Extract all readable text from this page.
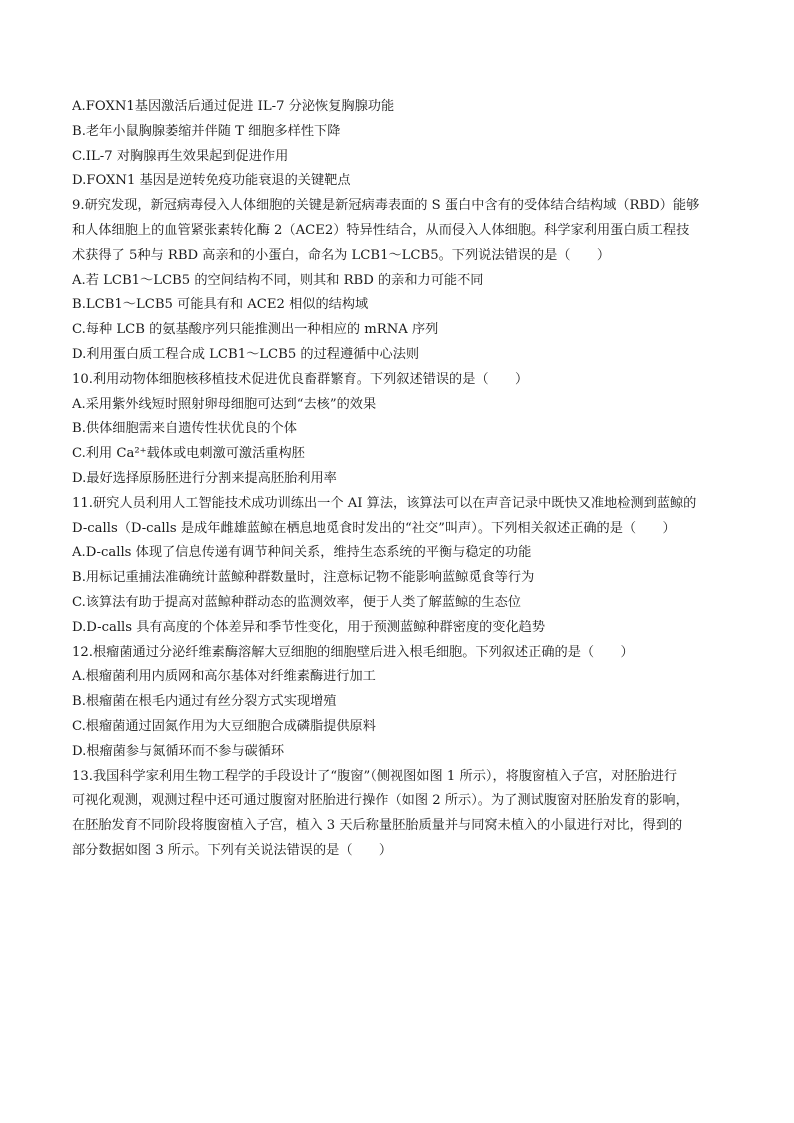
A.FOXN1基因激活后通过促进 IL-7 分泌恢复胸腺功能
B.老年小鼠胸腺萎缩并伴随 T 细胞多样性下降
C.IL-7 对胸腺再生效果起到促进作用
D.FOXN1 基因是逆转免疫功能衰退的关键靶点
9.研究发现，新冠病毒侵入人体细胞的关键是新冠病毒表面的 S 蛋白中含有的受体结合结构域（RBD）能够
和人体细胞上的血管紧张素转化酶 2（ACE2）特异性结合，从而侵入人体细胞。科学家利用蛋白质工程技
术获得了 5种与 RBD 高亲和的小蛋白，命名为 LCB1～LCB5。下列说法错误的是（　　）
A.若 LCB1～LCB5 的空间结构不同，则其和 RBD 的亲和力可能不同
B.LCB1～LCB5 可能具有和 ACE2 相似的结构域
C.每种 LCB 的氨基酸序列只能推测出一种相应的 mRNA 序列
D.利用蛋白质工程合成 LCB1～LCB5 的过程遵循中心法则
10.利用动物体细胞核移植技术促进优良畜群繁育。下列叙述错误的是（　　）
A.采用紫外线短时照射卵母细胞可达到“去核”的效果
B.供体细胞需来自遗传性状优良的个体
C.利用 Ca²⁺载体或电刺激可激活重构胚
D.最好选择原肠胚进行分割来提高胚胎利用率
11.研究人员利用人工智能技术成功训练出一个 AI 算法，该算法可以在声音记录中既快又准地检测到蓝鲸的
D-calls（D-calls 是成年雌雄蓝鲸在栖息地觅食时发出的“社交”叫声）。下列相关叙述正确的是（　　）
A.D-calls 体现了信息传递有调节种间关系，维持生态系统的平衡与稳定的功能
B.用标记重捕法准确统计蓝鲸种群数量时，注意标记物不能影响蓝鲸觅食等行为
C.该算法有助于提高对蓝鲸种群动态的监测效率，便于人类了解蓝鲸的生态位
D.D-calls 具有高度的个体差异和季节性变化，用于预测蓝鲸种群密度的变化趋势
12.根瘤菌通过分泌纤维素酶溶解大豆细胞的细胞壁后进入根毛细胞。下列叙述正确的是（　　）
A.根瘤菌利用内质网和高尔基体对纤维素酶进行加工
B.根瘤菌在根毛内通过有丝分裂方式实现增殖
C.根瘤菌通过固氮作用为大豆细胞合成磷脂提供原料
D.根瘤菌参与氮循环而不参与碳循环
13.我国科学家利用生物工程学的手段设计了“腹窗”（侧视图如图 1 所示），将腹窗植入子宫，对胚胎进行
可视化观测，观测过程中还可通过腹窗对胚胎进行操作（如图 2 所示）。为了测试腹窗对胚胎发育的影响，
在胚胎发育不同阶段将腹窗植入子宫，植入 3 天后称量胚胎质量并与同窝未植入的小鼠进行对比，得到的
部分数据如图 3 所示。下列有关说法错误的是（　　）
